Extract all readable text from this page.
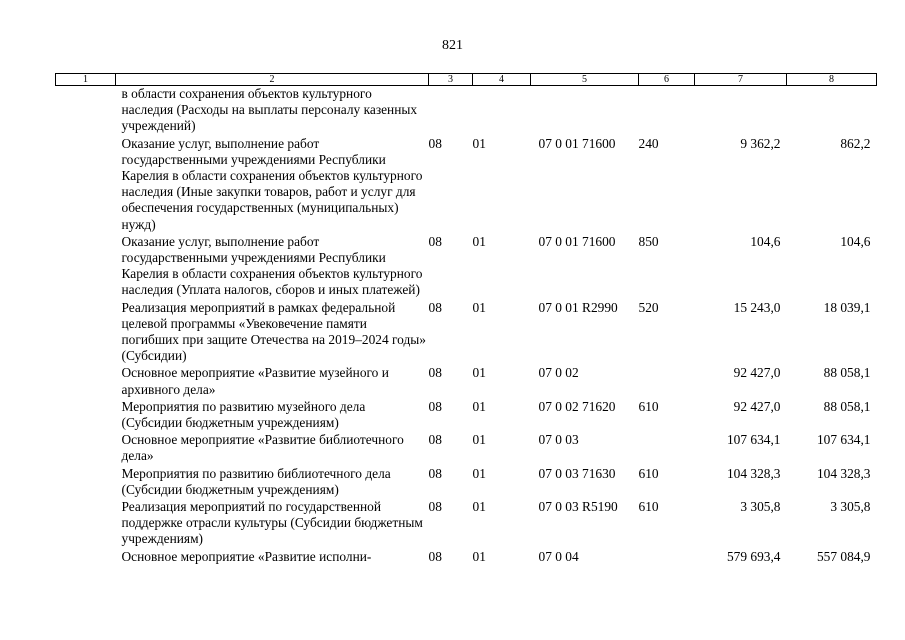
821
1	2	3	4	5	6	7	8
	в области сохранения объектов культурного наследия (Расходы на выплаты персоналу казенных учреждений)						
	Оказание услуг, выполнение работ государственными учреждениями Республики Карелия в области сохранения объектов культурного наследия (Иные закупки товаров, работ и услуг для обеспечения государственных (муниципальных) нужд)	08	01	07 0 01 71600	240	9 362,2	862,2
	Оказание услуг, выполнение работ государственными учреждениями Республики Карелия в области сохранения объектов культурного наследия (Уплата налогов, сборов и иных платежей)	08	01	07 0 01 71600	850	104,6	104,6
	Реализация мероприятий в рамках федеральной целевой программы «Увековечение памяти погибших при защите Отечества на 2019–2024 годы» (Субсидии)	08	01	07 0 01 R2990	520	15 243,0	18 039,1
	Основное мероприятие «Развитие музейного и архивного дела»	08	01	07 0 02		92 427,0	88 058,1
	Мероприятия по развитию музейного дела (Субсидии бюджетным учреждениям)	08	01	07 0 02 71620	610	92 427,0	88 058,1
	Основное мероприятие «Развитие библиотечного дела»	08	01	07 0 03		107 634,1	107 634,1
	Мероприятия по развитию библиотечного дела (Субсидии бюджетным учреждениям)	08	01	07 0 03 71630	610	104 328,3	104 328,3
	Реализация мероприятий по государственной поддержке отрасли культуры (Субсидии бюджетным учреждениям)	08	01	07 0 03 R5190	610	3 305,8	3 305,8
	Основное мероприятие «Развитие исполни-	08	01	07 0 04		579 693,4	557 084,9
